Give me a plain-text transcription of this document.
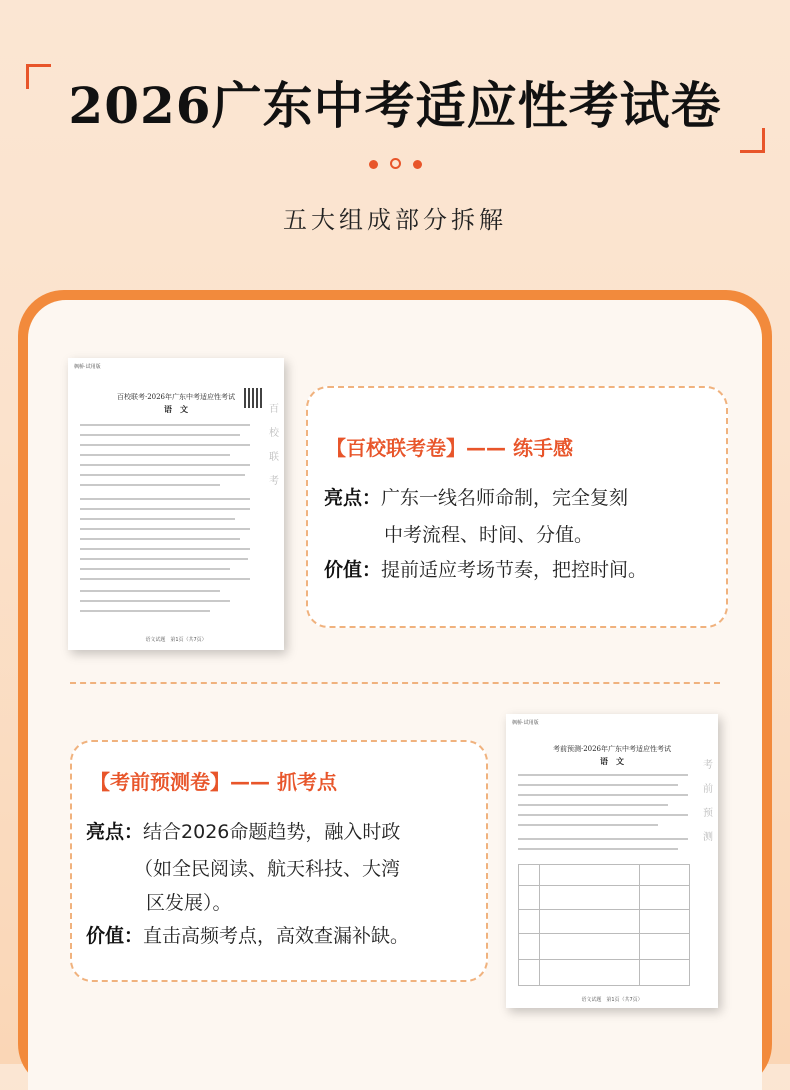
2026广东中考适应性考试卷
五大组成部分拆解
枫桥·试用版
百校联考·2026年广东中考适应性考试
语　文	百
校
联
考
语文试题　第1页（共7页）
【百校联考卷】—— 练手感
亮点：广东一线名师命制，完全复刻
中考流程、时间、分值。
价值：提前适应考场节奏，把控时间。
【考前预测卷】—— 抓考点
亮点：结合2026命题趋势，融入时政
（如全民阅读、航天科技、大湾
区发展）。
价值：直击高频考点，高效查漏补缺。
枫桥·试用版
考前预测·2026年广东中考适应性考试
语　文	考
前
预
测
语文试题　第1页（共7页）
